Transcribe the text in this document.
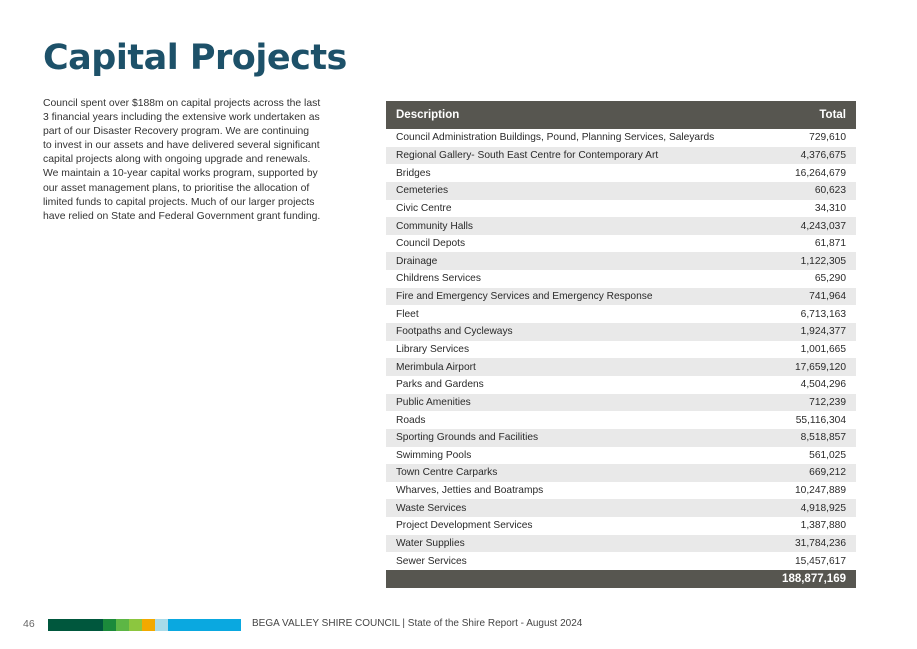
Capital Projects
Council spent over $188m on capital projects across the last
3 financial years including the extensive work undertaken as
part of our Disaster Recovery program. We are continuing
to invest in our assets and have delivered several significant
capital projects along with ongoing upgrade and renewals.
We maintain a 10-year capital works program, supported by
our asset management plans, to prioritise the allocation of
limited funds to capital projects. Much of our larger projects
have relied on State and Federal Government grant funding.
Description	Total
Council Administration Buildings, Pound, Planning Services, Saleyards	729,610
Regional Gallery- South East Centre for Contemporary Art	4,376,675
Bridges	16,264,679
Cemeteries	60,623
Civic Centre	34,310
Community Halls	4,243,037
Council Depots	61,871
Drainage	1,122,305
Childrens Services	65,290
Fire and Emergency Services and Emergency Response	741,964
Fleet	6,713,163
Footpaths and Cycleways	1,924,377
Library Services	1,001,665
Merimbula Airport	17,659,120
Parks and Gardens	4,504,296
Public Amenities	712,239
Roads	55,116,304
Sporting Grounds and Facilities	8,518,857
Swimming Pools	561,025
Town Centre Carparks	669,212
Wharves, Jetties and Boatramps	10,247,889
Waste Services	4,918,925
Project Development Services	1,387,880
Water Supplies	31,784,236
Sewer Services	15,457,617
	188,877,169
46	BEGA VALLEY SHIRE COUNCIL | State of the Shire Report - August 2024
